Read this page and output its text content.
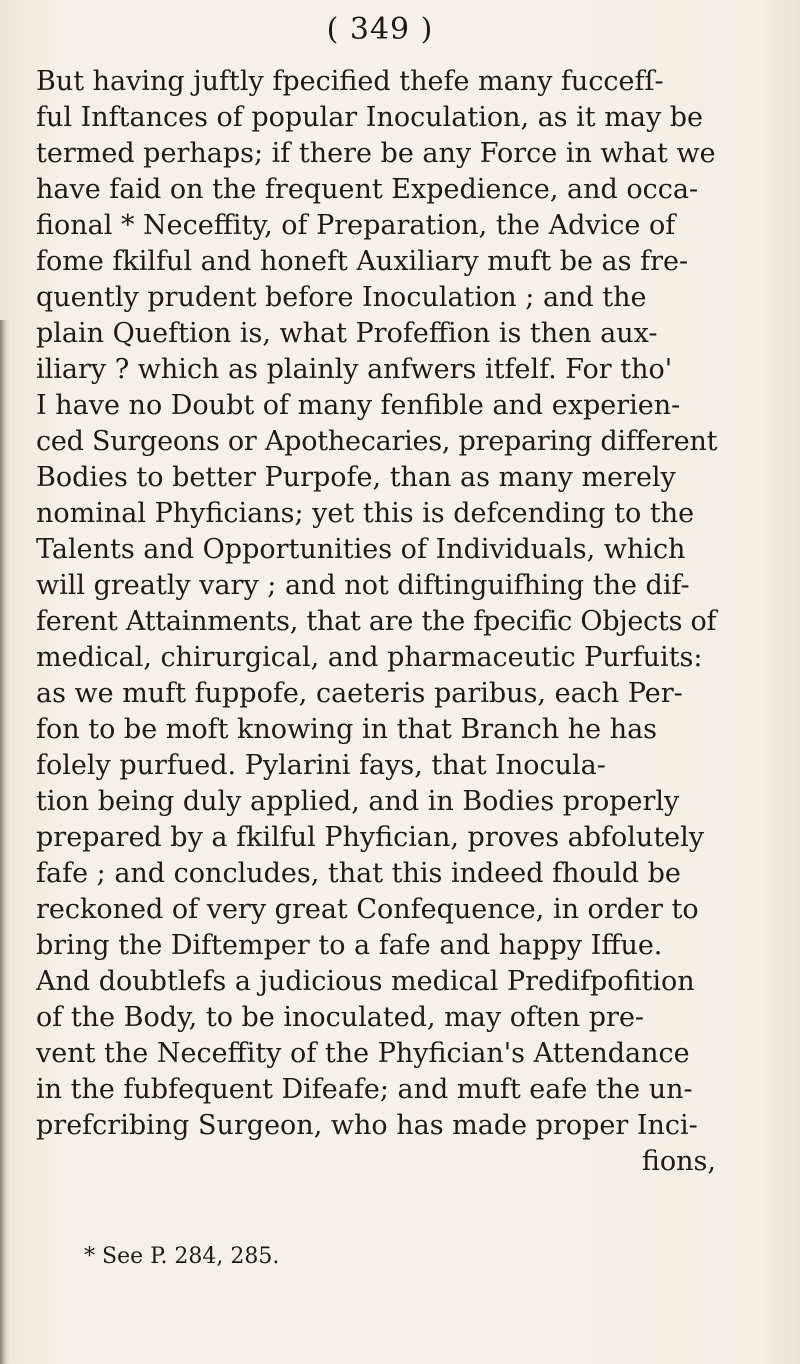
( 349 )
But having juftly fpecified thefe many fuccefſ-
ful Inftances of popular Inoculation, as it may be
termed perhaps; if there be any Force in what we
have faid on the frequent Expedience, and occa-
fional * Neceffity, of Preparation, the Advice of
fome fkilful and honeft Auxiliary muft be as fre-
quently prudent before Inoculation ; and the
plain Queftion is, what Profeffion is then aux-
iliary ? which as plainly anfwers itfelf. For tho'
I have no Doubt of many fenfible and experien-
ced Surgeons or Apothecaries, preparing different
Bodies to better Purpofe, than as many merely
nominal Phyficians; yet this is defcending to the
Talents and Opportunities of Individuals, which
will greatly vary ; and not diftinguifhing the dif-
ferent Attainments, that are the fpecific Objects of
medical, chirurgical, and pharmaceutic Purfuits:
as we muft fuppofe, caeteris paribus, each Per-
fon to be moft knowing in that Branch he has
folely purfued. Pylarini fays, that Inocula-
tion being duly applied, and in Bodies properly
prepared by a fkilful Phyfician, proves abfolutely
fafe ; and concludes, that this indeed fhould be
reckoned of very great Confequence, in order to
bring the Diftemper to a fafe and happy Iffue.
And doubtlefs a judicious medical Predifpofition
of the Body, to be inoculated, may often pre-
vent the Neceffity of the Phyfician's Attendance
in the fubfequent Difeafe; and muft eafe the un-
prefcribing Surgeon, who has made proper Inci-
fions,
* See P. 284, 285.
